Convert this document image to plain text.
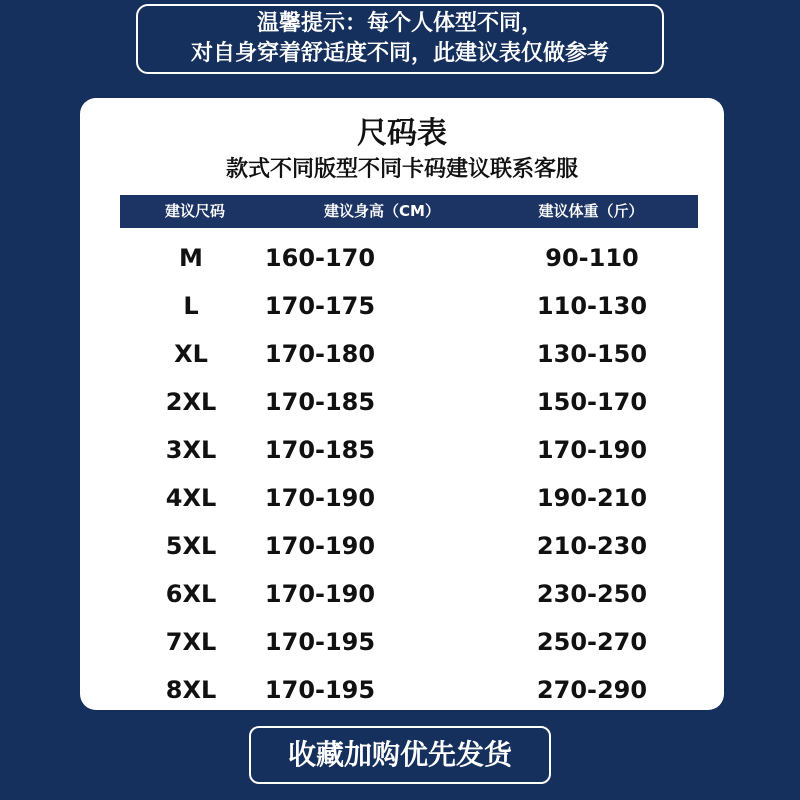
温馨提示：每个人体型不同，
对自身穿着舒适度不同，此建议表仅做参考
尺码表
款式不同版型不同卡码建议联系客服
建议尺码	建议身高（CM）	建议体重（斤）
M	160-170	90-110
L	170-175	110-130
XL	170-180	130-150
2XL	170-185	150-170
3XL	170-185	170-190
4XL	170-190	190-210
5XL	170-190	210-230
6XL	170-190	230-250
7XL	170-195	250-270
8XL	170-195	270-290
收藏加购优先发货
